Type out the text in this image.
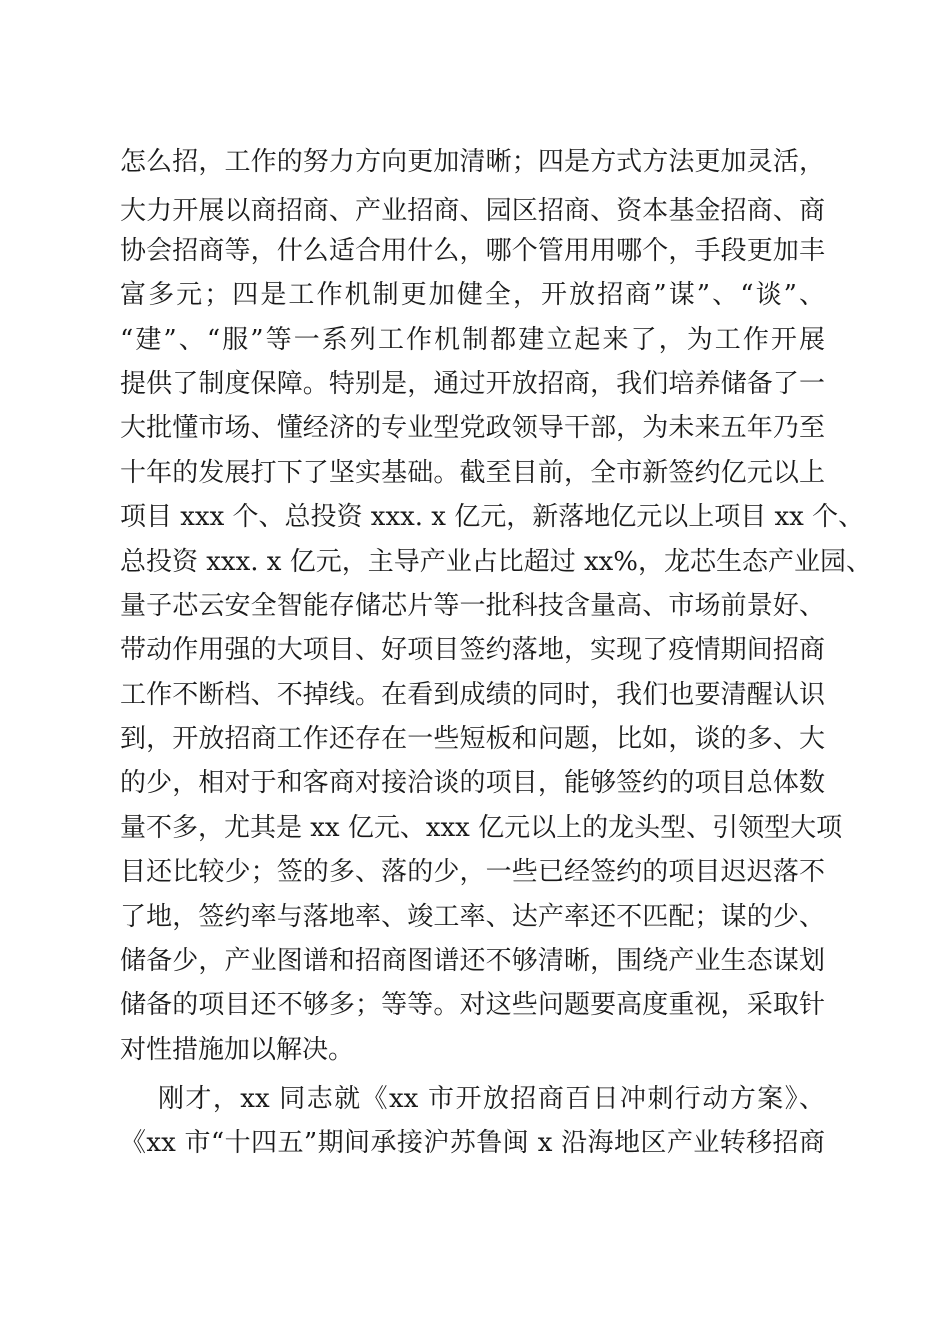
怎么招，工作的努力方向更加清晰；四是方式方法更加灵活，
大力开展以商招商、产业招商、园区招商、资本基金招商、商
协会招商等，什么适合用什么，哪个管用用哪个，手段更加丰
富多元；四是工作机制更加健全，开放招商”谋”、“谈”、
“建”、“服”等一系列工作机制都建立起来了，为工作开展
提供了制度保障。特别是，通过开放招商，我们培养储备了一
大批懂市场、懂经济的专业型党政领导干部，为未来五年乃至
十年的发展打下了坚实基础。截至目前，全市新签约亿元以上
项目 xxx 个、总投资 xxx. x 亿元，新落地亿元以上项目 xx 个、
总投资 xxx. x 亿元，主导产业占比超过 xx%，龙芯生态产业园、
量子芯云安全智能存储芯片等一批科技含量高、市场前景好、
带动作用强的大项目、好项目签约落地，实现了疫情期间招商
工作不断档、不掉线。在看到成绩的同时，我们也要清醒认识
到，开放招商工作还存在一些短板和问题，比如，谈的多、大
的少，相对于和客商对接洽谈的项目，能够签约的项目总体数
量不多，尤其是 xx 亿元、xxx 亿元以上的龙头型、引领型大项
目还比较少；签的多、落的少，一些已经签约的项目迟迟落不
了地，签约率与落地率、竣工率、达产率还不匹配；谋的少、
储备少，产业图谱和招商图谱还不够清晰，围绕产业生态谋划
储备的项目还不够多；等等。对这些问题要高度重视，采取针
对性措施加以解决。
刚才，xx 同志就《xx 市开放招商百日冲刺行动方案》、
《xx 市“十四五”期间承接沪苏鲁闽 x 沿海地区产业转移招商
